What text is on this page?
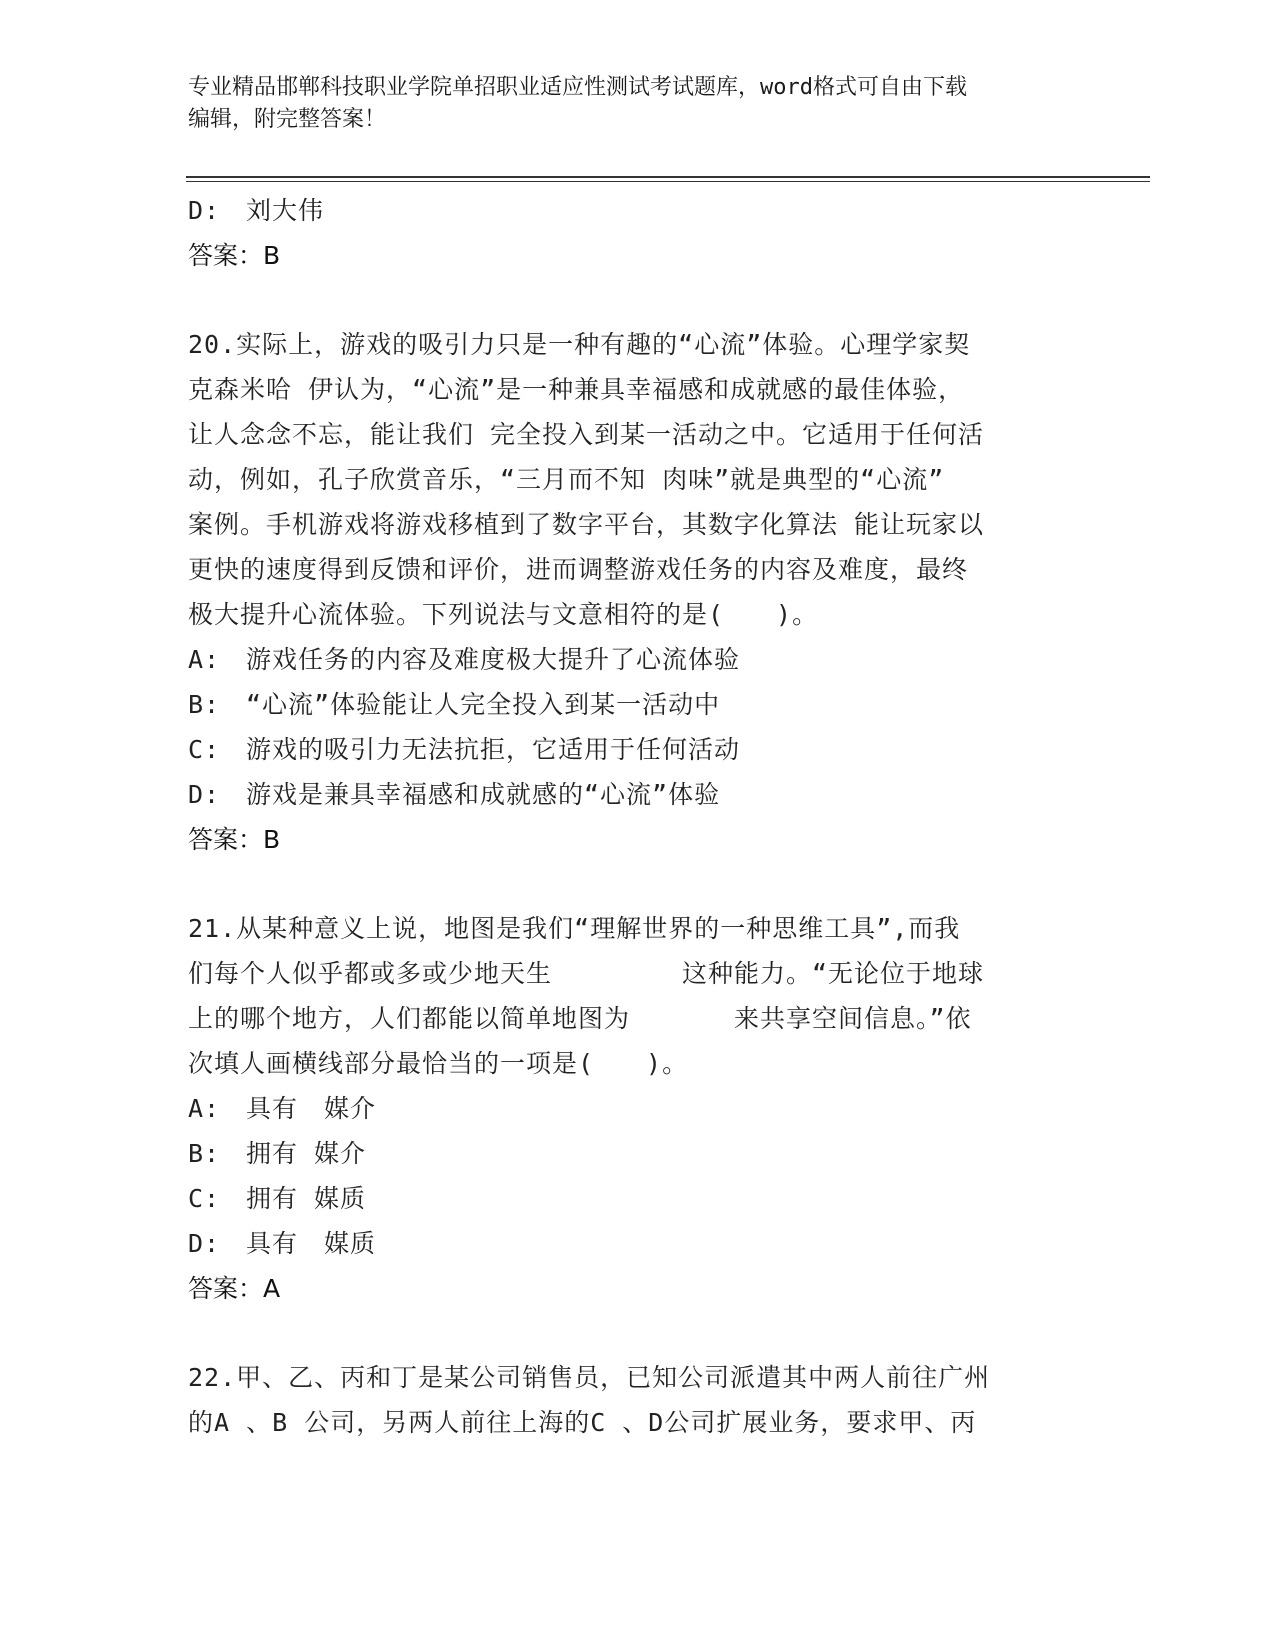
专业精品邯郸科技职业学院单招职业适应性测试考试题库，word格式可自由下载
编辑，附完整答案！
D:	刘大伟
答案：B
20.实际上，游戏的吸引力只是一种有趣的“心流”体验。心理学家契
克森米哈 伊认为，“心流”是一种兼具幸福感和成就感的最佳体验，
让人念念不忘，能让我们 完全投入到某一活动之中。它适用于任何活
动，例如，孔子欣赏音乐，“三月而不知 肉味”就是典型的“心流”
案例。手机游戏将游戏移植到了数字平台，其数字化算法 能让玩家以
更快的速度得到反馈和评价，进而调整游戏任务的内容及难度，最终
极大提升心流体验。下列说法与文意相符的是(　　)。
A:	游戏任务的内容及难度极大提升了心流体验
B:	“心流”体验能让人完全投入到某一活动中
C:	游戏的吸引力无法抗拒，它适用于任何活动
D:	游戏是兼具幸福感和成就感的“心流”体验
答案：B
21.从某种意义上说，地图是我们“理解世界的一种思维工具”,而我
们每个人似乎都或多或少地天生　　　　　这种能力。“无论位于地球
上的哪个地方，人们都能以简单地图为　　　　来共享空间信息。”依
次填人画横线部分最恰当的一项是(　　)。
A:	具有　媒介
B:	拥有 媒介
C:	拥有 媒质
D:	具有　媒质
答案：A
22.甲、乙、丙和丁是某公司销售员，已知公司派遣其中两人前往广州
的A 、B 公司，另两人前往上海的C 、D公司扩展业务，要求甲、丙
